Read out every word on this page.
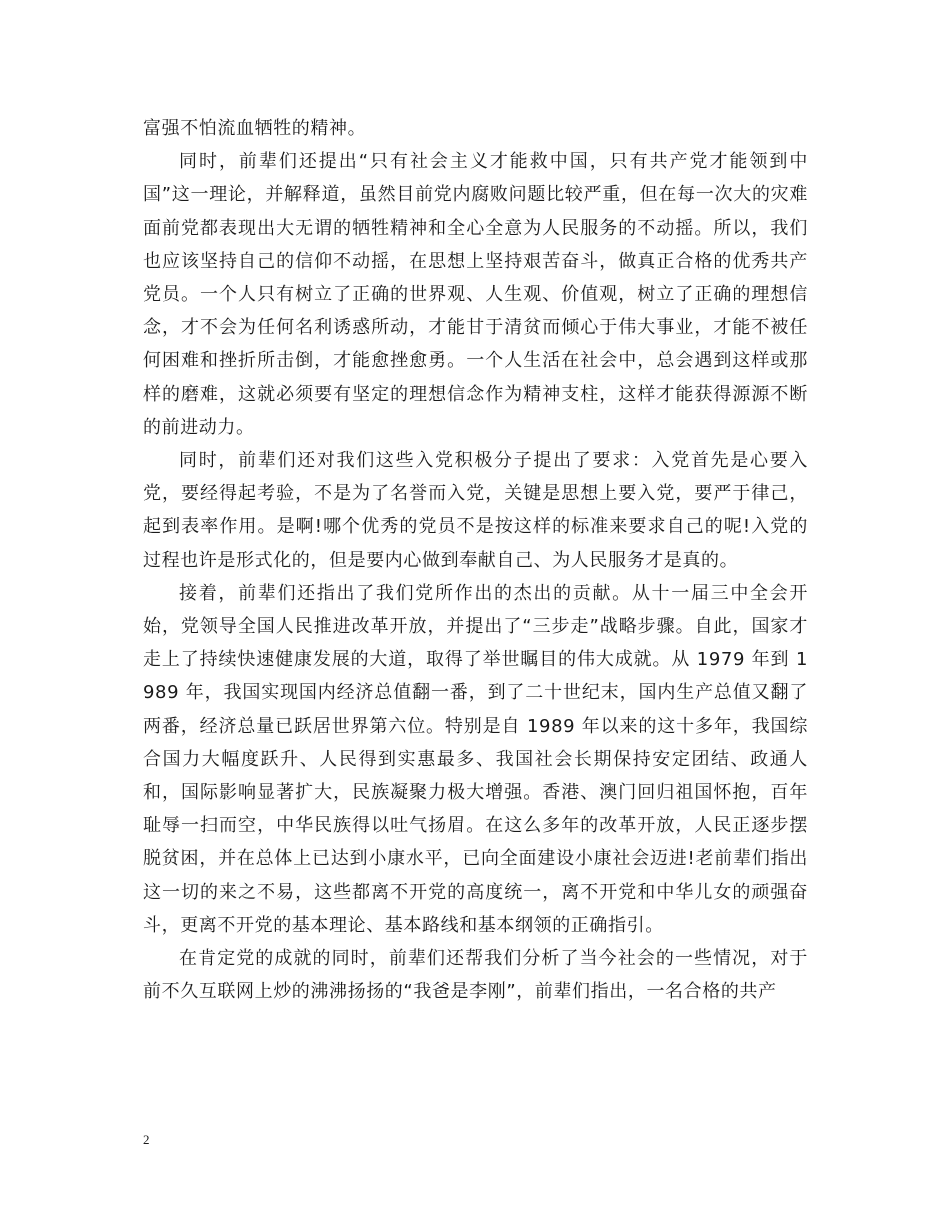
富强不怕流血牺牲的精神。

同时，前辈们还提出“只有社会主义才能救中国，只有共产党才能领到中国”这一理论，并解释道，虽然目前党内腐败问题比较严重，但在每一次大的灾难面前党都表现出大无谓的牺牲精神和全心全意为人民服务的不动摇。所以，我们也应该坚持自己的信仰不动摇，在思想上坚持艰苦奋斗，做真正合格的优秀共产党员。一个人只有树立了正确的世界观、人生观、价值观，树立了正确的理想信念，才不会为任何名利诱惑所动，才能甘于清贫而倾心于伟大事业，才能不被任何困难和挫折所击倒，才能愈挫愈勇。一个人生活在社会中，总会遇到这样或那样的磨难，这就必须要有坚定的理想信念作为精神支柱，这样才能获得源源不断的前进动力。

同时，前辈们还对我们这些入党积极分子提出了要求：入党首先是心要入党，要经得起考验，不是为了名誉而入党，关键是思想上要入党，要严于律己，起到表率作用。是啊!哪个优秀的党员不是按这样的标准来要求自己的呢!入党的过程也许是形式化的，但是要内心做到奉献自己、为人民服务才是真的。

接着，前辈们还指出了我们党所作出的杰出的贡献。从十一届三中全会开始，党领导全国人民推进改革开放，并提出了“三步走”战略步骤。自此，国家才走上了持续快速健康发展的大道，取得了举世瞩目的伟大成就。从 1979 年到 1989 年，我国实现国内经济总值翻一番，到了二十世纪末，国内生产总值又翻了两番，经济总量已跃居世界第六位。特别是自 1989 年以来的这十多年，我国综合国力大幅度跃升、人民得到实惠最多、我国社会长期保持安定团结、政通人和，国际影响显著扩大，民族凝聚力极大增强。香港、澳门回归祖国怀抱，百年耻辱一扫而空，中华民族得以吐气扬眉。在这么多年的改革开放，人民正逐步摆脱贫困，并在总体上已达到小康水平，已向全面建设小康社会迈进!老前辈们指出这一切的来之不易，这些都离不开党的高度统一，离不开党和中华儿女的顽强奋斗，更离不开党的基本理论、基本路线和基本纲领的正确指引。

在肯定党的成就的同时，前辈们还帮我们分析了当今社会的一些情况，对于前不久互联网上炒的沸沸扬扬的“我爸是李刚”，前辈们指出，一名合格的共产

2
